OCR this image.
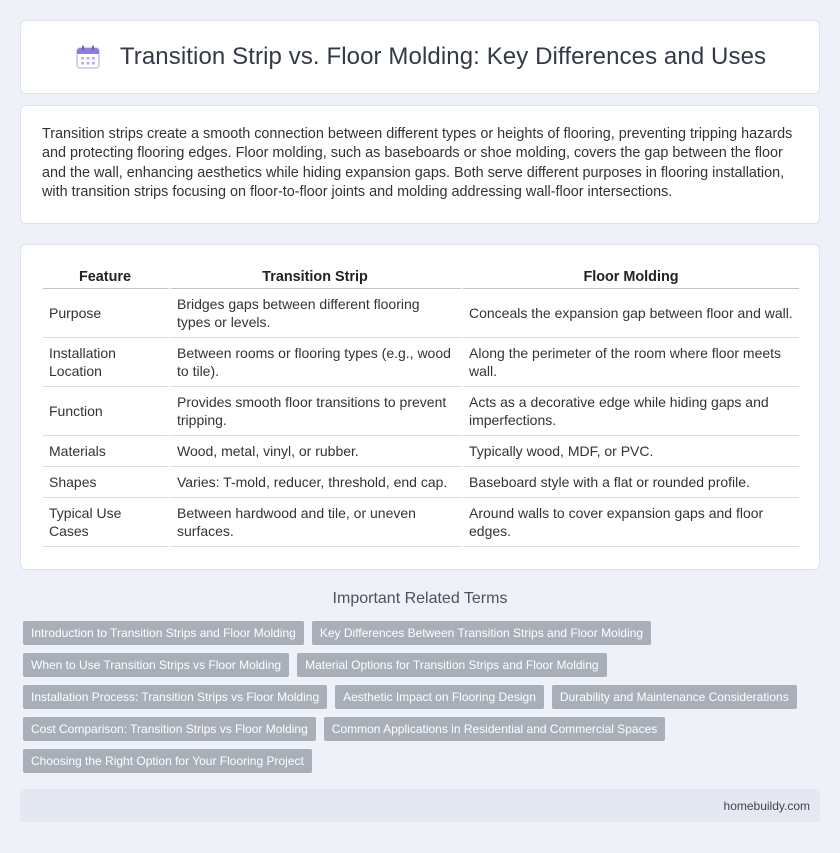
Transition Strip vs. Floor Molding: Key Differences and Uses

Transition strips create a smooth connection between different types or heights of flooring, preventing tripping hazards and protecting flooring edges. Floor molding, such as baseboards or shoe molding, covers the gap between the floor and the wall, enhancing aesthetics while hiding expansion gaps. Both serve different purposes in flooring installation, with transition strips focusing on floor-to-floor joints and molding addressing wall-floor intersections.

Feature	Transition Strip	Floor Molding
Purpose	Bridges gaps between different flooring types or levels.	Conceals the expansion gap between floor and wall.
Installation Location	Between rooms or flooring types (e.g., wood to tile).	Along the perimeter of the room where floor meets wall.
Function	Provides smooth floor transitions to prevent tripping.	Acts as a decorative edge while hiding gaps and imperfections.
Materials	Wood, metal, vinyl, or rubber.	Typically wood, MDF, or PVC.
Shapes	Varies: T-mold, reducer, threshold, end cap.	Baseboard style with a flat or rounded profile.
Typical Use Cases	Between hardwood and tile, or uneven surfaces.	Around walls to cover expansion gaps and floor edges.
Important Related Terms
Introduction to Transition Strips and Floor Molding	Key Differences Between Transition Strips and Floor Molding
When to Use Transition Strips vs Floor Molding	Material Options for Transition Strips and Floor Molding
Installation Process: Transition Strips vs Floor Molding	Aesthetic Impact on Flooring Design	Durability and Maintenance Considerations
Cost Comparison: Transition Strips vs Floor Molding	Common Applications in Residential and Commercial Spaces
Choosing the Right Option for Your Flooring Project
homebuildy.com
